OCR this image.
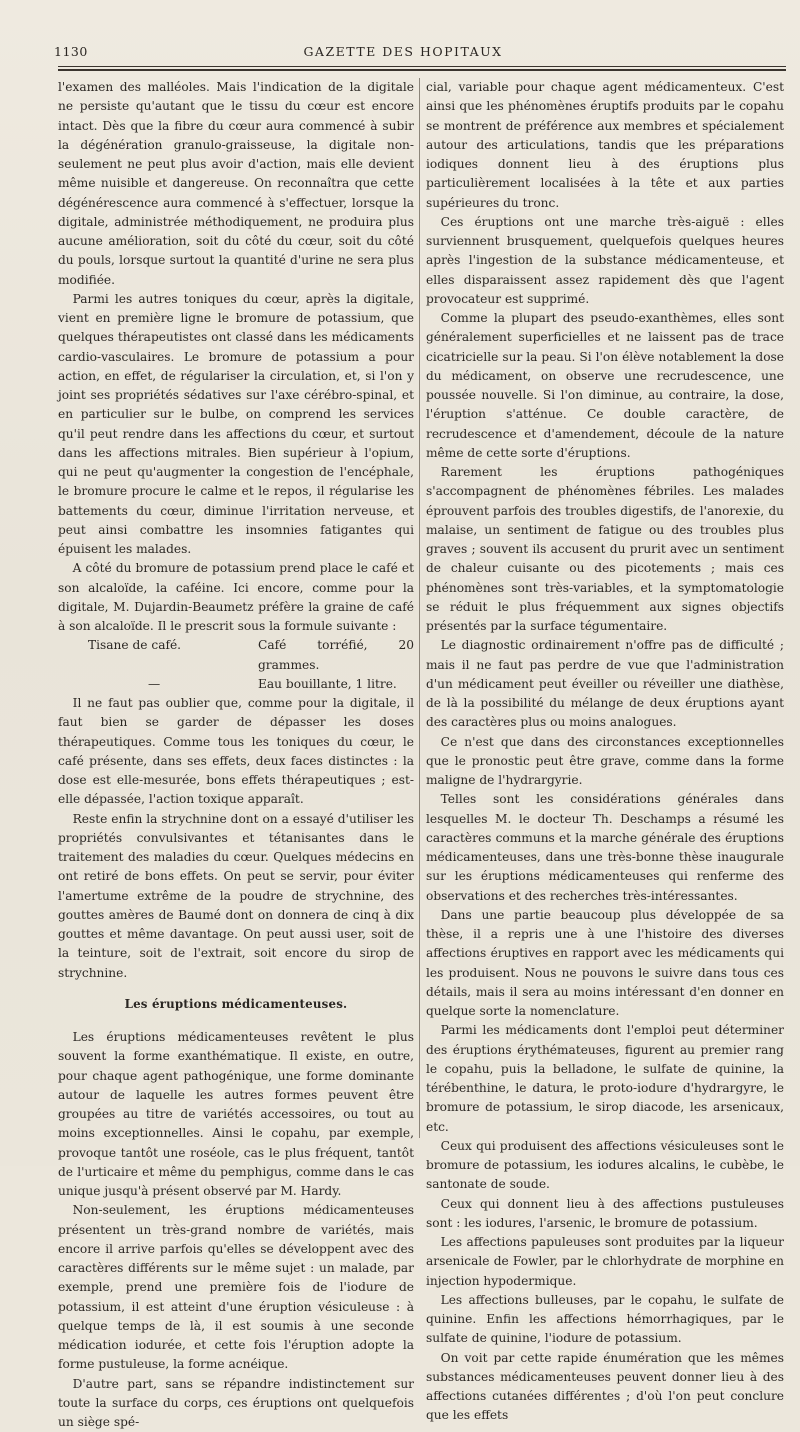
1130	GAZETTE DES HOPITAUX

l'examen des malléoles. Mais l'indication de la digitale ne persiste qu'autant que le tissu du cœur est encore intact. Dès que la fibre du cœur aura commencé à subir la dégénération granulo-graisseuse, la digitale non-seulement ne peut plus avoir d'action, mais elle devient même nuisible et dangereuse. On reconnaîtra que cette dégénérescence aura commencé à s'effectuer, lorsque la digitale, administrée méthodiquement, ne produira plus aucune amélioration, soit du côté du cœur, soit du côté du pouls, lorsque surtout la quantité d'urine ne sera plus modifiée.

Parmi les autres toniques du cœur, après la digitale, vient en première ligne le bromure de potassium, que quelques thérapeutistes ont classé dans les médicaments cardio-vasculaires. Le bromure de potassium a pour action, en effet, de régulariser la circulation, et, si l'on y joint ses propriétés sédatives sur l'axe cérébro-spinal, et en particulier sur le bulbe, on comprend les services qu'il peut rendre dans les affections du cœur, et surtout dans les affections mitrales. Bien supérieur à l'opium, qui ne peut qu'augmenter la congestion de l'encéphale, le bromure procure le calme et le repos, il régularise les battements du cœur, diminue l'irritation nerveuse, et peut ainsi combattre les insomnies fatigantes qui épuisent les malades.

A côté du bromure de potassium prend place le café et son alcaloïde, la caféine. Ici encore, comme pour la digitale, M. Dujardin-Beaumetz préfère la graine de café à son alcaloïde. Il le prescrit sous la formule suivante :

Tisane de café.	Café torréfié, 20 grammes.
—	Eau bouillante, 1 litre.

Il ne faut pas oublier que, comme pour la digitale, il faut bien se garder de dépasser les doses thérapeutiques. Comme tous les toniques du cœur, le café présente, dans ses effets, deux faces distinctes : la dose est elle-mesurée, bons effets thérapeutiques ; est-elle dépassée, l'action toxique apparaît.

Reste enfin la strychnine dont on a essayé d'utiliser les propriétés convulsivantes et tétanisantes dans le traitement des maladies du cœur. Quelques médecins en ont retiré de bons effets. On peut se servir, pour éviter l'amertume extrême de la poudre de strychnine, des gouttes amères de Baumé dont on donnera de cinq à dix gouttes et même davantage. On peut aussi user, soit de la teinture, soit de l'extrait, soit encore du sirop de strychnine.

Les éruptions médicamenteuses.

Les éruptions médicamenteuses revêtent le plus souvent la forme exanthématique. Il existe, en outre, pour chaque agent pathogénique, une forme dominante autour de laquelle les autres formes peuvent être groupées au titre de variétés accessoires, ou tout au moins exceptionnelles. Ainsi le copahu, par exemple, provoque tantôt une roséole, cas le plus fréquent, tantôt de l'urticaire et même du pemphigus, comme dans le cas unique jusqu'à présent observé par M. Hardy.

Non-seulement, les éruptions médicamenteuses présentent un très-grand nombre de variétés, mais encore il arrive parfois qu'elles se développent avec des caractères différents sur le même sujet : un malade, par exemple, prend une première fois de l'iodure de potassium, il est atteint d'une éruption vésiculeuse : à quelque temps de là, il est soumis à une seconde médication iodurée, et cette fois l'éruption adopte la forme pustuleuse, la forme acnéique.

D'autre part, sans se répandre indistinctement sur toute la surface du corps, ces éruptions ont quelquefois un siège spé-

cial, variable pour chaque agent médicamenteux. C'est ainsi que les phénomènes éruptifs produits par le copahu se montrent de préférence aux membres et spécialement autour des articulations, tandis que les préparations iodiques donnent lieu à des éruptions plus particulièrement localisées à la tête et aux parties supérieures du tronc.

Ces éruptions ont une marche très-aiguë : elles surviennent brusquement, quelquefois quelques heures après l'ingestion de la substance médicamenteuse, et elles disparaissent assez rapidement dès que l'agent provocateur est supprimé.

Comme la plupart des pseudo-exanthèmes, elles sont généralement superficielles et ne laissent pas de trace cicatricielle sur la peau. Si l'on élève notablement la dose du médicament, on observe une recrudescence, une poussée nouvelle. Si l'on diminue, au contraire, la dose, l'éruption s'atténue. Ce double caractère, de recrudescence et d'amendement, découle de la nature même de cette sorte d'éruptions.

Rarement les éruptions pathogéniques s'accompagnent de phénomènes fébriles. Les malades éprouvent parfois des troubles digestifs, de l'anorexie, du malaise, un sentiment de fatigue ou des troubles plus graves ; souvent ils accusent du prurit avec un sentiment de chaleur cuisante ou des picotements ; mais ces phénomènes sont très-variables, et la symptomatologie se réduit le plus fréquemment aux signes objectifs présentés par la surface tégumentaire.

Le diagnostic ordinairement n'offre pas de difficulté ; mais il ne faut pas perdre de vue que l'administration d'un médicament peut éveiller ou réveiller une diathèse, de là la possibilité du mélange de deux éruptions ayant des caractères plus ou moins analogues.

Ce n'est que dans des circonstances exceptionnelles que le pronostic peut être grave, comme dans la forme maligne de l'hydrargyrie.

Telles sont les considérations générales dans lesquelles M. le docteur Th. Deschamps a résumé les caractères communs et la marche générale des éruptions médicamenteuses, dans une très-bonne thèse inaugurale sur les éruptions médicamenteuses qui renferme des observations et des recherches très-intéressantes.

Dans une partie beaucoup plus développée de sa thèse, il a repris une à une l'histoire des diverses affections éruptives en rapport avec les médicaments qui les produisent. Nous ne pouvons le suivre dans tous ces détails, mais il sera au moins intéressant d'en donner en quelque sorte la nomenclature.

Parmi les médicaments dont l'emploi peut déterminer des éruptions érythémateuses, figurent au premier rang le copahu, puis la belladone, le sulfate de quinine, la térébenthine, le datura, le proto-iodure d'hydrargyre, le bromure de potassium, le sirop diacode, les arsenicaux, etc.

Ceux qui produisent des affections vésiculeuses sont le bromure de potassium, les iodures alcalins, le cubèbe, le santonate de soude.

Ceux qui donnent lieu à des affections pustuleuses sont : les iodures, l'arsenic, le bromure de potassium.

Les affections papuleuses sont produites par la liqueur arsenicale de Fowler, par le chlorhydrate de morphine en injection hypodermique.

Les affections bulleuses, par le copahu, le sulfate de quinine. Enfin les affections hémorrhagiques, par le sulfate de quinine, l'iodure de potassium.

On voit par cette rapide énumération que les mêmes substances médicamenteuses peuvent donner lieu à des affections cutanées différentes ; d'où l'on peut conclure que les effets
